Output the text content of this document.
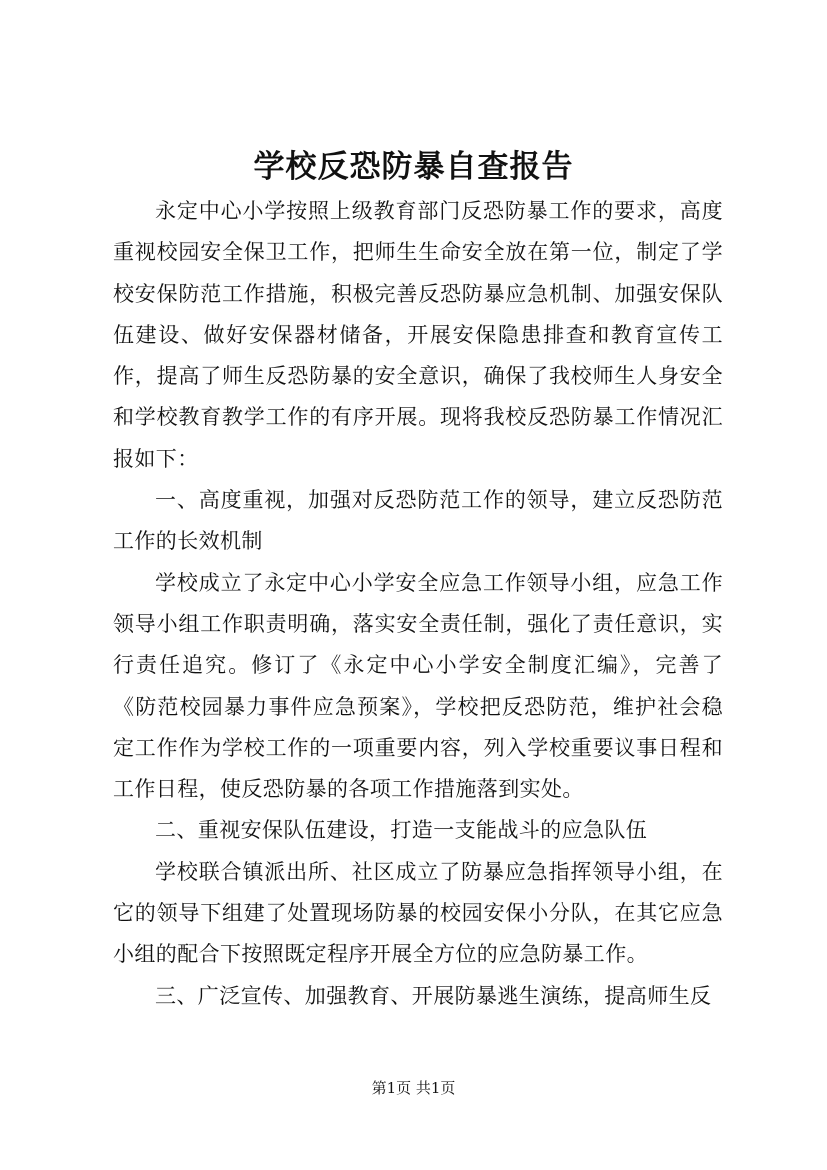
学校反恐防暴自查报告

永定中心小学按照上级教育部门反恐防暴工作的要求，高度重视校园安全保卫工作，把师生生命安全放在第一位，制定了学校安保防范工作措施，积极完善反恐防暴应急机制、加强安保队伍建设、做好安保器材储备，开展安保隐患排查和教育宣传工作，提高了师生反恐防暴的安全意识，确保了我校师生人身安全和学校教育教学工作的有序开展。现将我校反恐防暴工作情况汇报如下：

一、高度重视，加强对反恐防范工作的领导，建立反恐防范工作的长效机制

学校成立了永定中心小学安全应急工作领导小组，应急工作领导小组工作职责明确，落实安全责任制，强化了责任意识，实行责任追究。修订了《永定中心小学安全制度汇编》，完善了《防范校园暴力事件应急预案》，学校把反恐防范，维护社会稳定工作作为学校工作的一项重要内容，列入学校重要议事日程和工作日程，使反恐防暴的各项工作措施落到实处。

二、重视安保队伍建设，打造一支能战斗的应急队伍

学校联合镇派出所、社区成立了防暴应急指挥领导小组，在它的领导下组建了处置现场防暴的校园安保小分队，在其它应急小组的配合下按照既定程序开展全方位的应急防暴工作。

三、广泛宣传、加强教育、开展防暴逃生演练，提高师生反

第1页 共1页
